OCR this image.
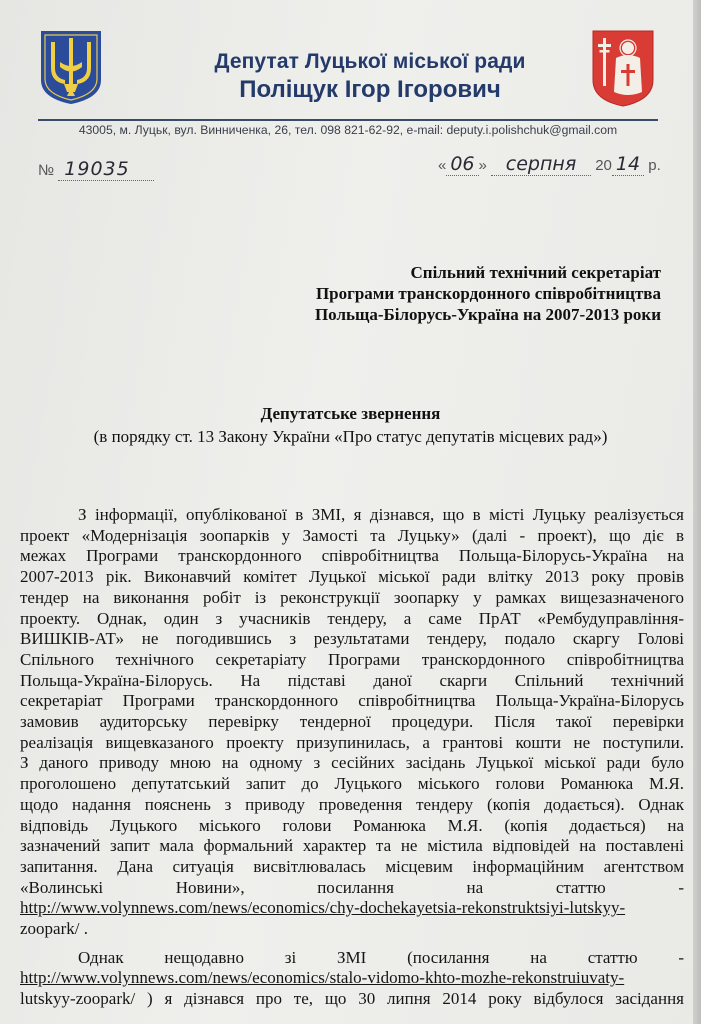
Депутат Луцької міської ради
Поліщук Ігор Ігорович
43005, м. Луцьк, вул. Винниченка, 26, тел. 098 821-62-92, e-mail: deputy.i.polishchuk@gmail.com
№ 19035	« 06 » серпня 20 14 р.
Спільний технічний секретаріат
Програми транскордонного співробітництва
Польща-Білорусь-Україна на 2007-2013 роки
Депутатське звернення
(в порядку ст. 13 Закону України «Про статус депутатів місцевих рад»)
З інформації, опублікованої в ЗМІ, я дізнався, що в місті Луцьку реалізується
проект «Модернізація зоопарків у Замості та Луцьку» (далі - проект), що діє в
межах Програми транскордонного співробітництва Польща-Білорусь-Україна на
2007-2013 рік. Виконавчий комітет Луцької міської ради влітку 2013 року провів
тендер на виконання робіт із реконструкції зоопарку у рамках вищезазначеного
проекту. Однак, один з учасників тендеру, а саме ПрАТ «Рембудуправління-
ВИШКІВ-АТ» не погодившись з результатами тендеру, подало скаргу Голові
Спільного технічного секретаріату Програми транскордонного співробітництва
Польща-Україна-Білорусь. На підставі даної скарги Спільний технічний
секретаріат Програми транскордонного співробітництва Польща-Україна-Білорусь
замовив аудиторську перевірку тендерної процедури. Після такої перевірки
реалізація вищевказаного проекту призупинилась, а грантові кошти не поступили.
З даного приводу мною на одному з сесійних засідань Луцької міської ради було
проголошено депутатський запит до Луцького міського голови Романюка М.Я.
щодо надання пояснень з приводу проведення тендеру (копія додається). Однак
відповідь Луцького міського голови Романюка М.Я. (копія додається) на
зазначений запит мала формальний характер та не містила відповідей на поставлені
запитання. Дана ситуація висвітлювалась місцевим інформаційним агентством
«Волинські Новини», посилання на статтю -
http://www.volynnews.com/news/economics/chy-dochekayetsia-rekonstruktsiyi-lutskyy-
zoopark/ .
Однак нещодавно зі ЗМІ (посилання на статтю -
http://www.volynnews.com/news/economics/stalo-vidomo-khto-mozhe-rekonstruiuvaty-
lutskyy-zoopark/ ) я дізнався про те, що 30 липня 2014 року відбулося засідання
